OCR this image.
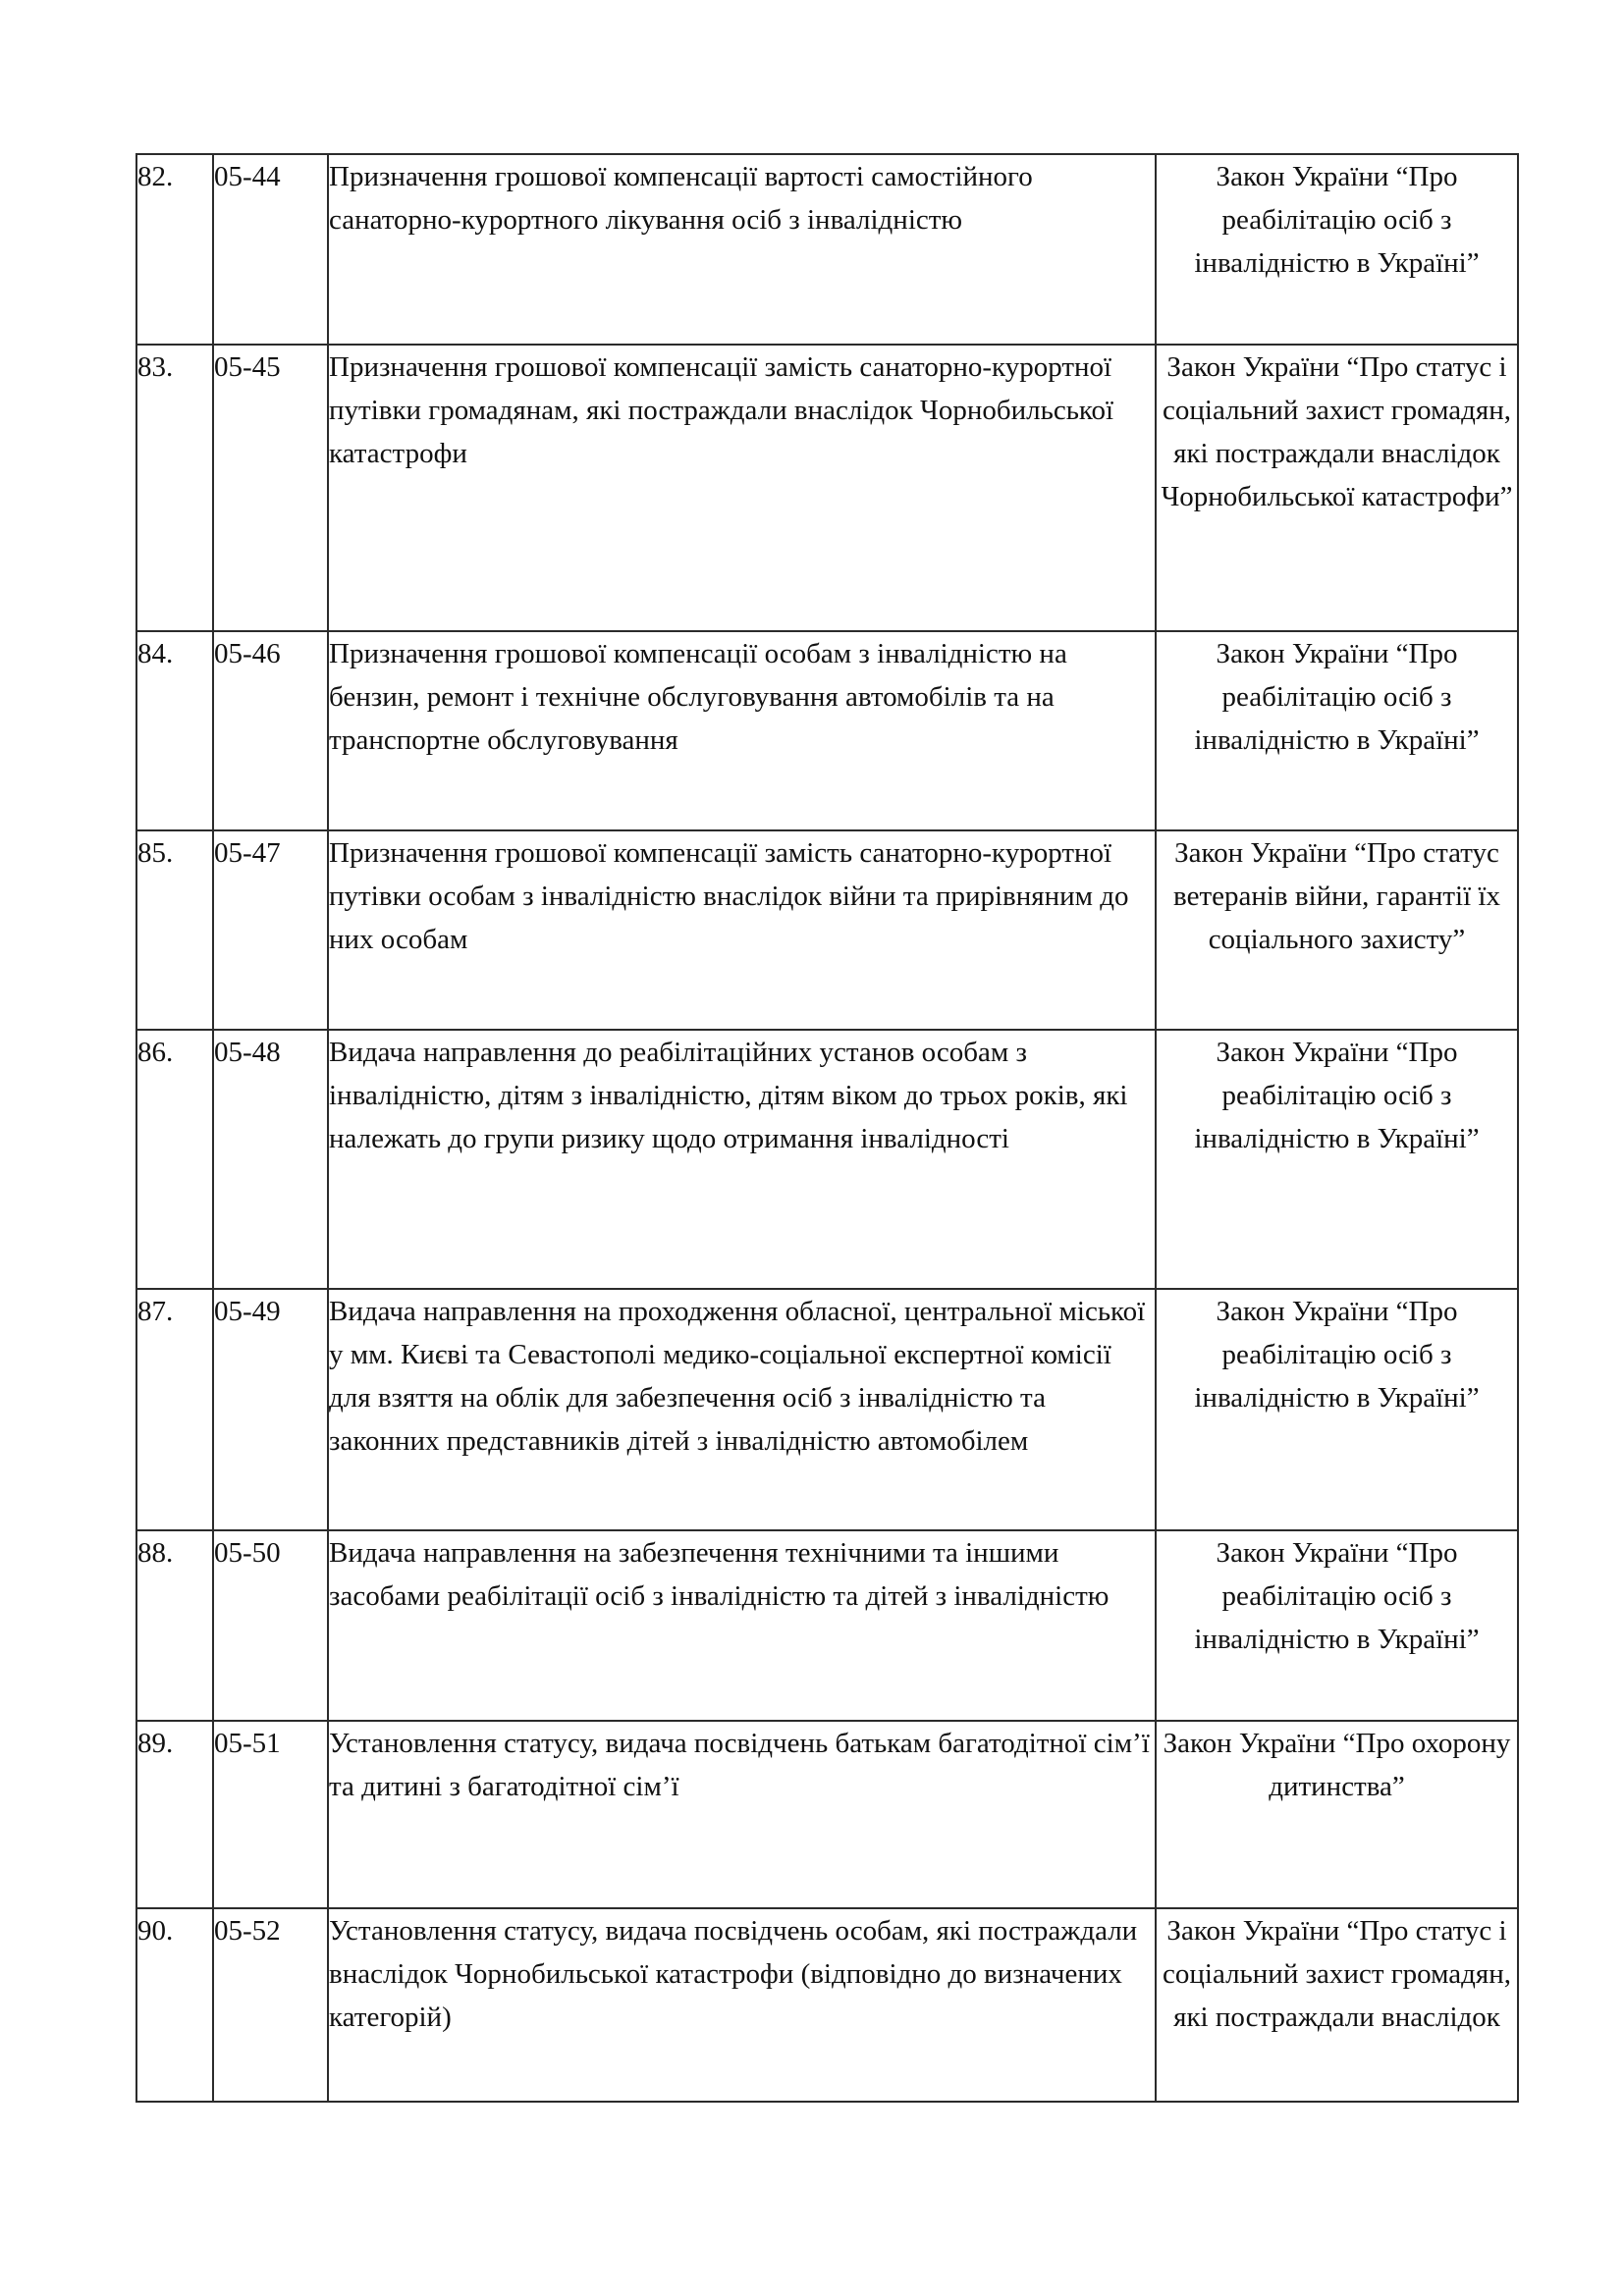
82.	05-44	Призначення грошової компенсації вартості самостійного санаторно-курортного лікування осіб з інвалідністю	Закон України “Про реабілітацію осіб з інвалідністю в Україні”

83.	05-45	Призначення грошової компенсації замість санаторно-курортної путівки громадянам, які постраждали внаслідок Чорнобильської катастрофи	Закон України “Про статус і соціальний захист громадян, які постраждали внаслідок Чорнобильської катастрофи”

84.	05-46	Призначення грошової компенсації особам з інвалідністю на бензин, ремонт і технічне обслуговування автомобілів та на транспортне обслуговування	Закон України “Про реабілітацію осіб з інвалідністю в Україні”

85.	05-47	Призначення грошової компенсації замість санаторно-курортної путівки особам з інвалідністю внаслідок війни та прирівняним до них особам	Закон України “Про статус ветеранів війни, гарантії їх соціального захисту”

86.	05-48	Видача направлення до реабілітаційних установ особам з інвалідністю, дітям з інвалідністю, дітям віком до трьох років, які належать до групи ризику щодо отримання інвалідності	Закон України “Про реабілітацію осіб з інвалідністю в Україні”

87.	05-49	Видача направлення на проходження обласної, центральної міської у мм. Києві та Севастополі медико-соціальної експертної комісії для взяття на облік для забезпечення осіб з інвалідністю та законних представників дітей з інвалідністю автомобілем	Закон України “Про реабілітацію осіб з інвалідністю в Україні”

88.	05-50	Видача направлення на забезпечення технічними та іншими засобами реабілітації осіб з інвалідністю та дітей з інвалідністю	Закон України “Про реабілітацію осіб з інвалідністю в Україні”

89.	05-51	Установлення статусу, видача посвідчень батькам багатодітної сім’ї та дитині з багатодітної сім’ї	Закон України “Про охорону дитинства”

90.	05-52	Установлення статусу, видача посвідчень особам, які постраждали внаслідок Чорнобильської катастрофи (відповідно до визначених категорій)	Закон України “Про статус і соціальний захист громадян, які постраждали внаслідок
